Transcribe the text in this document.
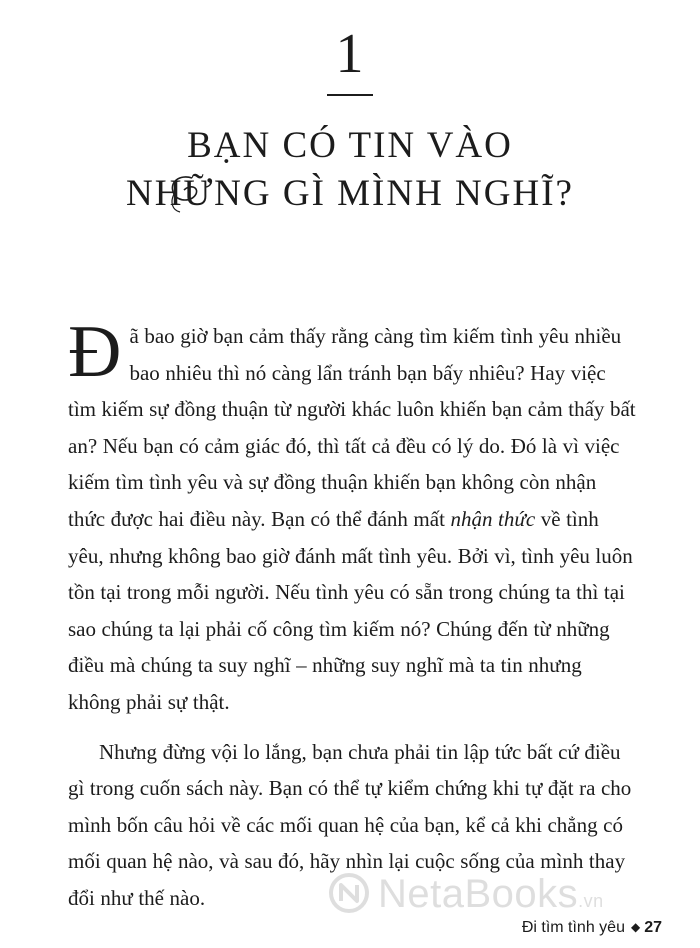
1
BẠN CÓ TIN VÀO
NHỮNG GÌ MÌNH NGHĨ?

Đã bao giờ bạn cảm thấy rằng càng tìm kiếm tình yêu nhiều bao nhiêu thì nó càng lẩn tránh bạn bấy nhiêu? Hay việc tìm kiếm sự đồng thuận từ người khác luôn khiến bạn cảm thấy bất an? Nếu bạn có cảm giác đó, thì tất cả đều có lý do. Đó là vì việc kiếm tìm tình yêu và sự đồng thuận khiến bạn không còn nhận thức được hai điều này. Bạn có thể đánh mất nhận thức về tình yêu, nhưng không bao giờ đánh mất tình yêu. Bởi vì, tình yêu luôn tồn tại trong mỗi người. Nếu tình yêu có sẵn trong chúng ta thì tại sao chúng ta lại phải cố công tìm kiếm nó? Chúng đến từ những điều mà chúng ta suy nghĩ – những suy nghĩ mà ta tin nhưng không phải sự thật.

Nhưng đừng vội lo lắng, bạn chưa phải tin lập tức bất cứ điều gì trong cuốn sách này. Bạn có thể tự kiểm chứng khi tự đặt ra cho mình bốn câu hỏi về các mối quan hệ của bạn, kể cả khi chẳng có mối quan hệ nào, và sau đó, hãy nhìn lại cuộc sống của mình thay đổi như thế nào.	NetaBooks.vn
Đi tìm tình yêu ◆ 27
